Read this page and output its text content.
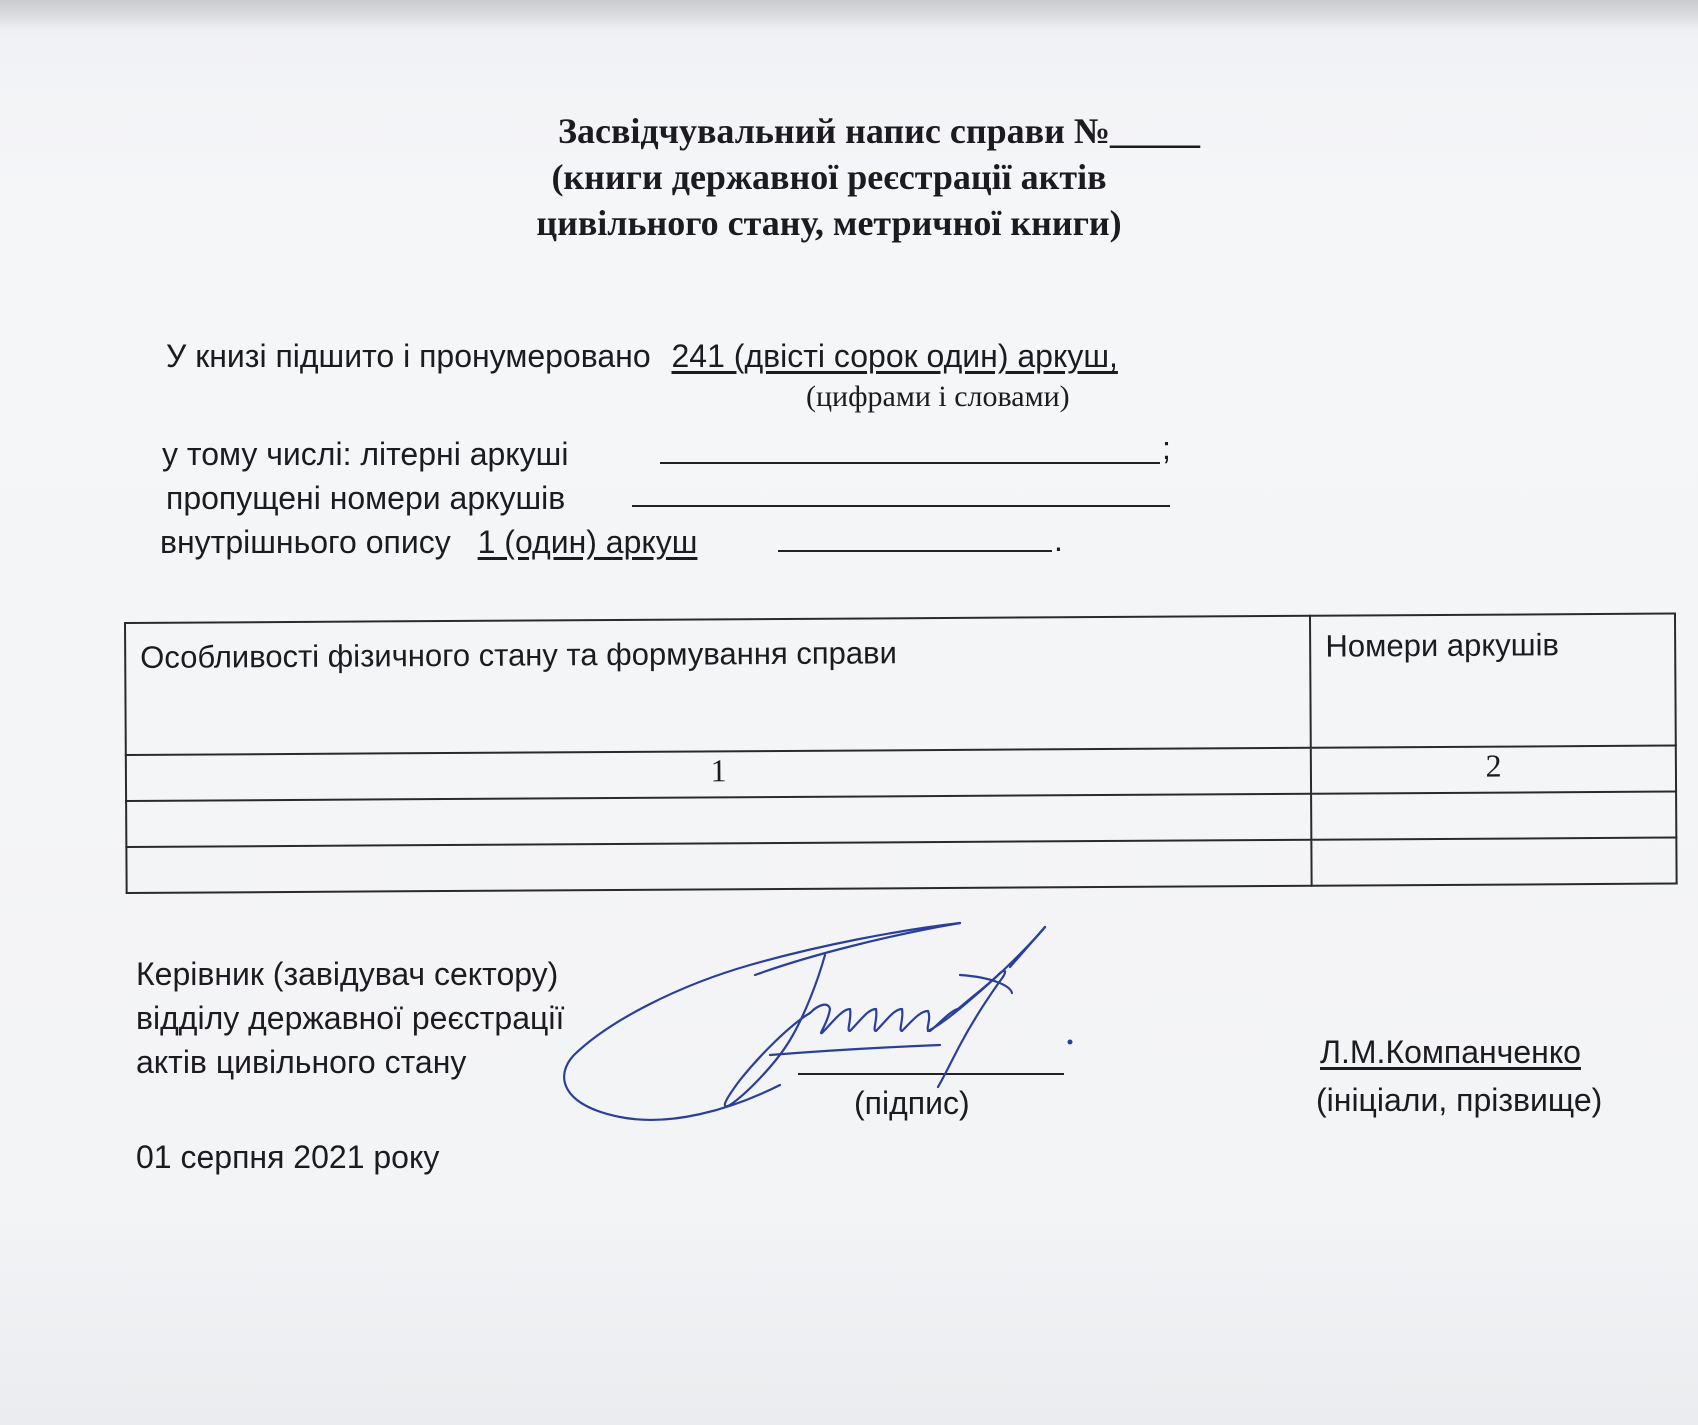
Засвідчувальний напис справи №_____
(книги державної реєстрації актів
цивільного стану, метричної книги)
У книзі підшито і пронумеровано 241 (двісті сорок один) аркуш,
(цифрами і словами)
у тому числі: літерні аркуші	;
пропущені номери аркушів
внутрішнього опису 1 (один) аркуш	.
Особливості фізичного стану та формування справи	Номери аркушів

1	2

Керівник (завідувач сектору)
відділу державної реєстрації
актів цивільного стану
(підпис)
Л.М.Компанченко
(ініціали, прізвище)
01 серпня 2021 року
